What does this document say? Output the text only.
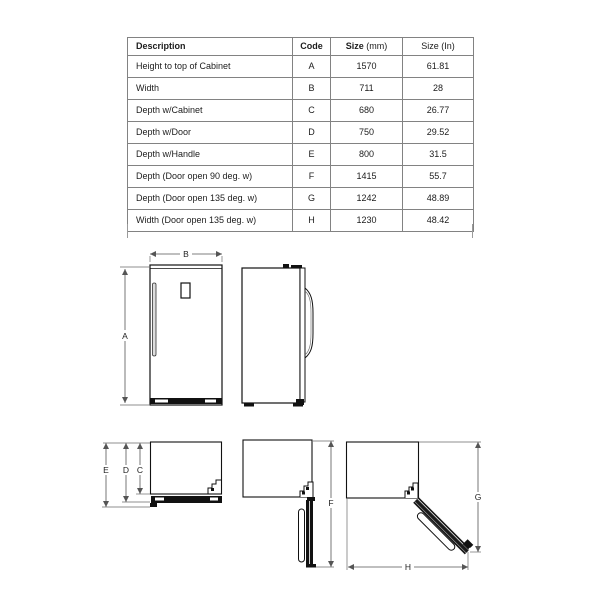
Description	Code	Size (mm)	Size (In)
Height to top of Cabinet	A	1570	61.81
Width	B	711	28
Depth w/Cabinet	C	680	26.77
Depth w/Door	D	750	29.52
Depth w/Handle	E	800	31.5
Depth (Door open 90 deg. w)	F	1415	55.7
Depth (Door open 135 deg. w)	G	1242	48.89
Width (Door open 135 deg. w)	H	1230	48.42
B
A
E D C
F
G
H
